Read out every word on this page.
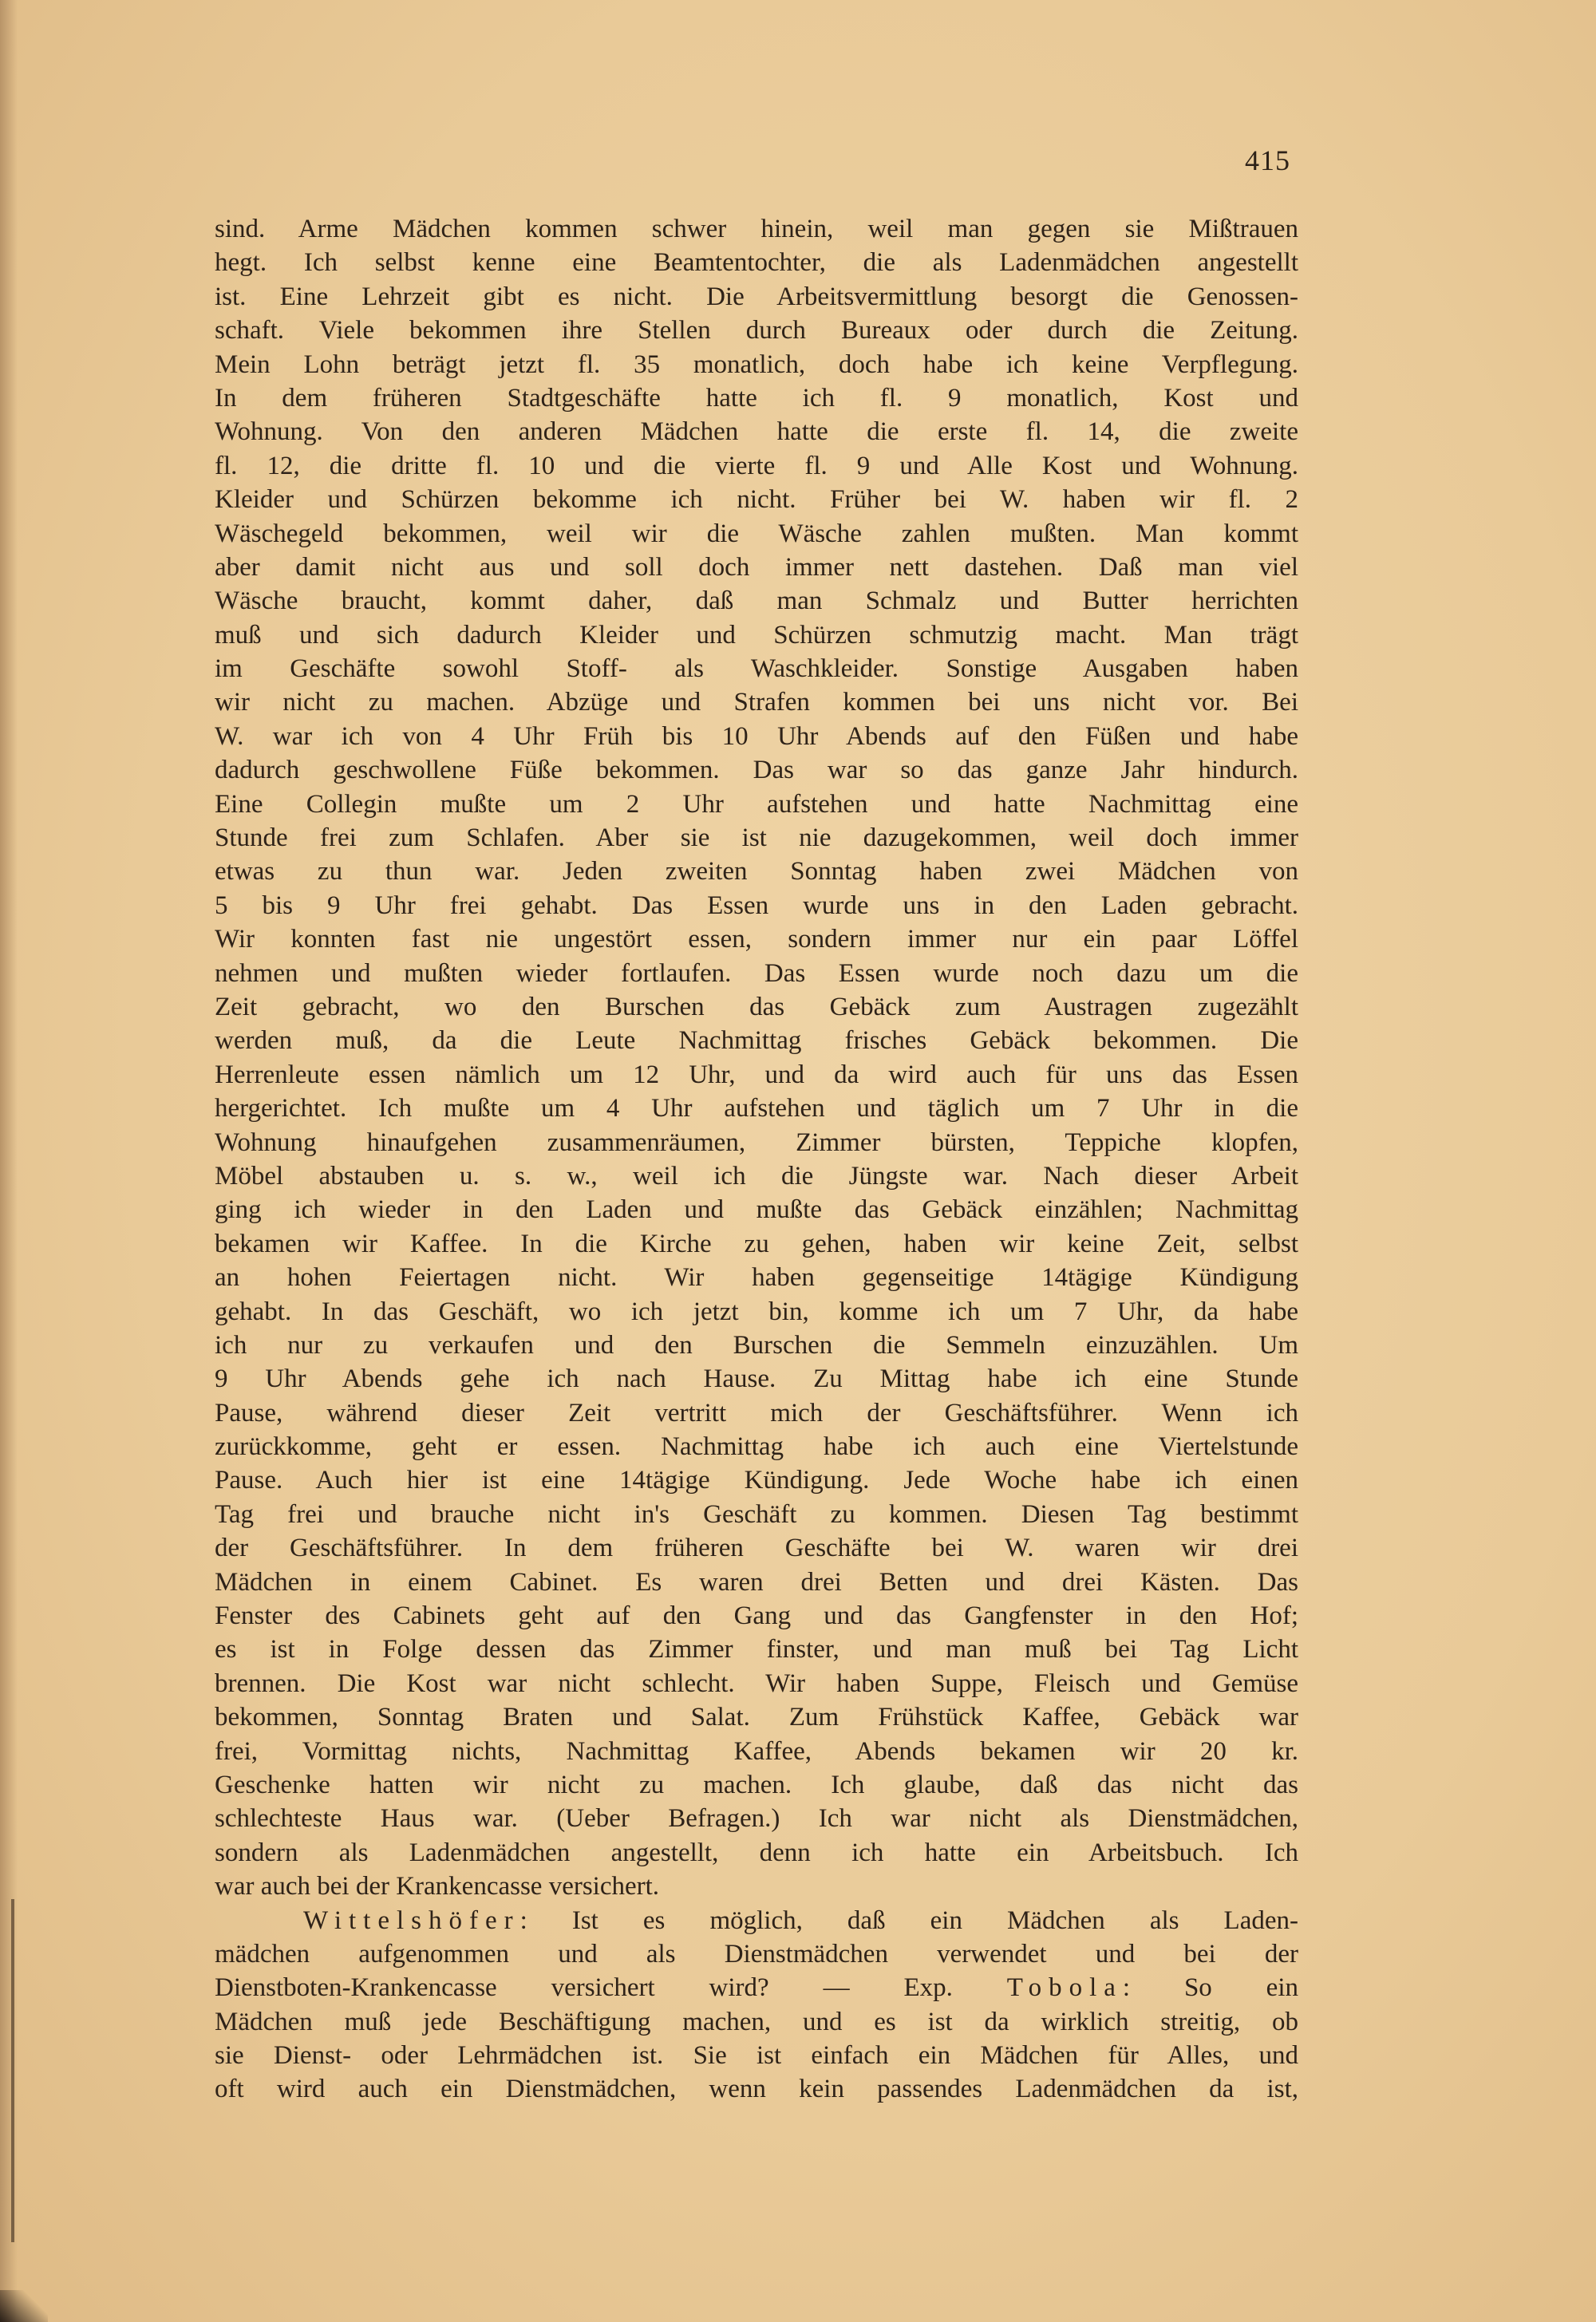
415
sind. Arme Mädchen kommen schwer hinein, weil man gegen sie Mißtrauen
hegt. Ich selbst kenne eine Beamtentochter, die als Ladenmädchen angestellt
ist. Eine Lehrzeit gibt es nicht. Die Arbeitsvermittlung besorgt die Genossen-
schaft. Viele bekommen ihre Stellen durch Bureaux oder durch die Zeitung.
Mein Lohn beträgt jetzt fl. 35 monatlich, doch habe ich keine Verpflegung.
In dem früheren Stadtgeschäfte hatte ich fl. 9 monatlich, Kost und
Wohnung. Von den anderen Mädchen hatte die erste fl. 14, die zweite
fl. 12, die dritte fl. 10 und die vierte fl. 9 und Alle Kost und Wohnung.
Kleider und Schürzen bekomme ich nicht. Früher bei W. haben wir fl. 2
Wäschegeld bekommen, weil wir die Wäsche zahlen mußten. Man kommt
aber damit nicht aus und soll doch immer nett dastehen. Daß man viel
Wäsche braucht, kommt daher, daß man Schmalz und Butter herrichten
muß und sich dadurch Kleider und Schürzen schmutzig macht. Man trägt
im Geschäfte sowohl Stoff- als Waschkleider. Sonstige Ausgaben haben
wir nicht zu machen. Abzüge und Strafen kommen bei uns nicht vor. Bei
W. war ich von 4 Uhr Früh bis 10 Uhr Abends auf den Füßen und habe
dadurch geschwollene Füße bekommen. Das war so das ganze Jahr hindurch.
Eine Collegin mußte um 2 Uhr aufstehen und hatte Nachmittag eine
Stunde frei zum Schlafen. Aber sie ist nie dazugekommen, weil doch immer
etwas zu thun war. Jeden zweiten Sonntag haben zwei Mädchen von
5 bis 9 Uhr frei gehabt. Das Essen wurde uns in den Laden gebracht.
Wir konnten fast nie ungestört essen, sondern immer nur ein paar Löffel
nehmen und mußten wieder fortlaufen. Das Essen wurde noch dazu um die
Zeit gebracht, wo den Burschen das Gebäck zum Austragen zugezählt
werden muß, da die Leute Nachmittag frisches Gebäck bekommen. Die
Herrenleute essen nämlich um 12 Uhr, und da wird auch für uns das Essen
hergerichtet. Ich mußte um 4 Uhr aufstehen und täglich um 7 Uhr in die
Wohnung hinaufgehen zusammenräumen, Zimmer bürsten, Teppiche klopfen,
Möbel abstauben u. s. w., weil ich die Jüngste war. Nach dieser Arbeit
ging ich wieder in den Laden und mußte das Gebäck einzählen; Nachmittag
bekamen wir Kaffee. In die Kirche zu gehen, haben wir keine Zeit, selbst
an hohen Feiertagen nicht. Wir haben gegenseitige 14tägige Kündigung
gehabt. In das Geschäft, wo ich jetzt bin, komme ich um 7 Uhr, da habe
ich nur zu verkaufen und den Burschen die Semmeln einzuzählen. Um
9 Uhr Abends gehe ich nach Hause. Zu Mittag habe ich eine Stunde
Pause, während dieser Zeit vertritt mich der Geschäftsführer. Wenn ich
zurückkomme, geht er essen. Nachmittag habe ich auch eine Viertelstunde
Pause. Auch hier ist eine 14tägige Kündigung. Jede Woche habe ich einen
Tag frei und brauche nicht in's Geschäft zu kommen. Diesen Tag bestimmt
der Geschäftsführer. In dem früheren Geschäfte bei W. waren wir drei
Mädchen in einem Cabinet. Es waren drei Betten und drei Kästen. Das
Fenster des Cabinets geht auf den Gang und das Gangfenster in den Hof;
es ist in Folge dessen das Zimmer finster, und man muß bei Tag Licht
brennen. Die Kost war nicht schlecht. Wir haben Suppe, Fleisch und Gemüse
bekommen, Sonntag Braten und Salat. Zum Frühstück Kaffee, Gebäck war
frei, Vormittag nichts, Nachmittag Kaffee, Abends bekamen wir 20 kr.
Geschenke hatten wir nicht zu machen. Ich glaube, daß das nicht das
schlechteste Haus war. (Ueber Befragen.) Ich war nicht als Dienstmädchen,
sondern als Ladenmädchen angestellt, denn ich hatte ein Arbeitsbuch. Ich
war auch bei der Krankencasse versichert.
Wittelshöfer: Ist es möglich, daß ein Mädchen als Laden-
mädchen aufgenommen und als Dienstmädchen verwendet und bei der
Dienstboten-Krankencasse versichert wird? — Exp. Tobola: So ein
Mädchen muß jede Beschäftigung machen, und es ist da wirklich streitig, ob
sie Dienst- oder Lehrmädchen ist. Sie ist einfach ein Mädchen für Alles, und
oft wird auch ein Dienstmädchen, wenn kein passendes Ladenmädchen da ist,
